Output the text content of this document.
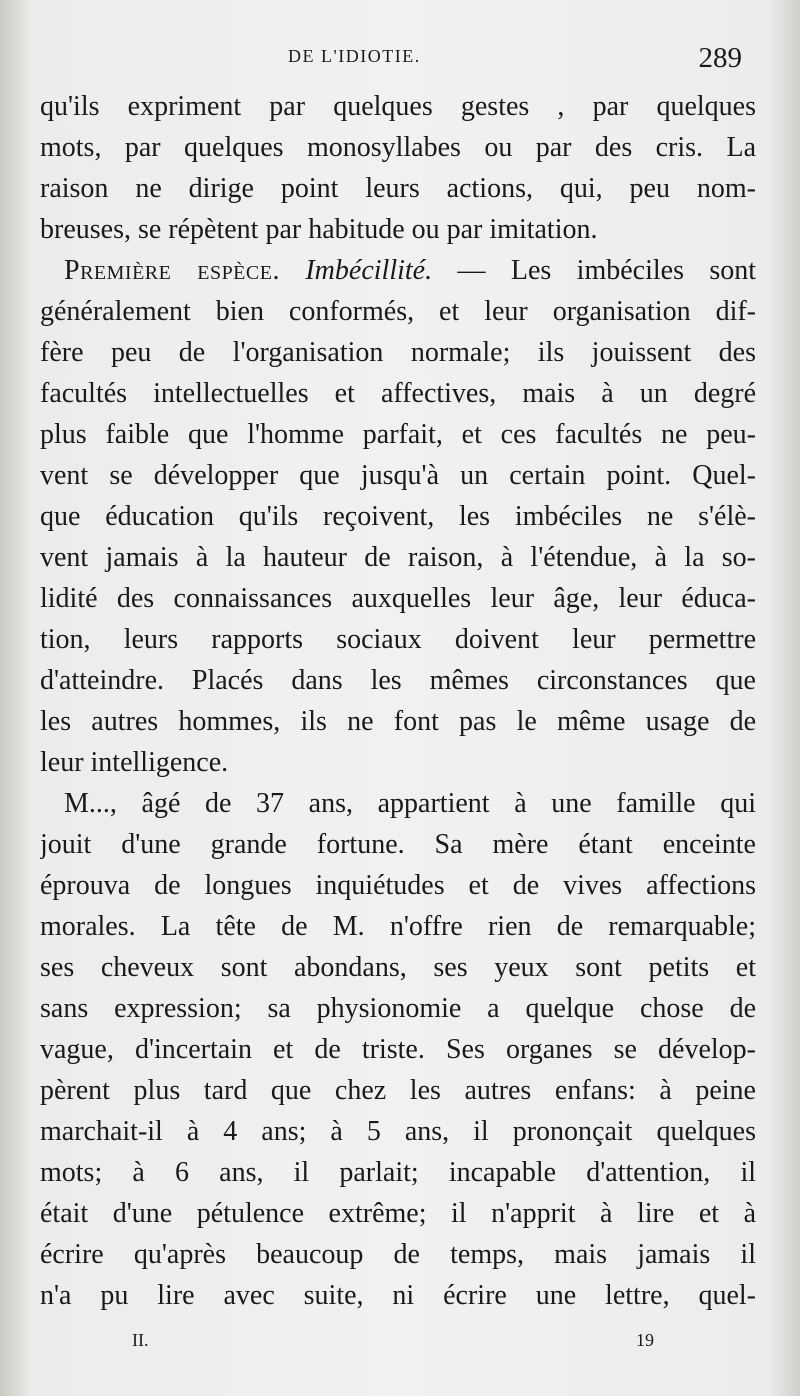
DE L'IDIOTIE.	289
qu'ils expriment par quelques gestes , par quelques
mots, par quelques monosyllabes ou par des cris. La
raison ne dirige point leurs actions, qui, peu nom-
breuses, se répètent par habitude ou par imitation.
Première espèce. Imbécillité. — Les imbéciles sont
généralement bien conformés, et leur organisation dif-
fère peu de l'organisation normale; ils jouissent des
facultés intellectuelles et affectives, mais à un degré
plus faible que l'homme parfait, et ces facultés ne peu-
vent se développer que jusqu'à un certain point. Quel-
que éducation qu'ils reçoivent, les imbéciles ne s'élè-
vent jamais à la hauteur de raison, à l'étendue, à la so-
lidité des connaissances auxquelles leur âge, leur éduca-
tion, leurs rapports sociaux doivent leur permettre
d'atteindre. Placés dans les mêmes circonstances que
les autres hommes, ils ne font pas le même usage de
leur intelligence.
M..., âgé de 37 ans, appartient à une famille qui
jouit d'une grande fortune. Sa mère étant enceinte
éprouva de longues inquiétudes et de vives affections
morales. La tête de M. n'offre rien de remarquable;
ses cheveux sont abondans, ses yeux sont petits et
sans expression; sa physionomie a quelque chose de
vague, d'incertain et de triste. Ses organes se dévelop-
pèrent plus tard que chez les autres enfans: à peine
marchait-il à 4 ans; à 5 ans, il prononçait quelques
mots; à 6 ans, il parlait; incapable d'attention, il
était d'une pétulence extrême; il n'apprit à lire et à
écrire qu'après beaucoup de temps, mais jamais il
n'a pu lire avec suite, ni écrire une lettre, quel-
II.	19
